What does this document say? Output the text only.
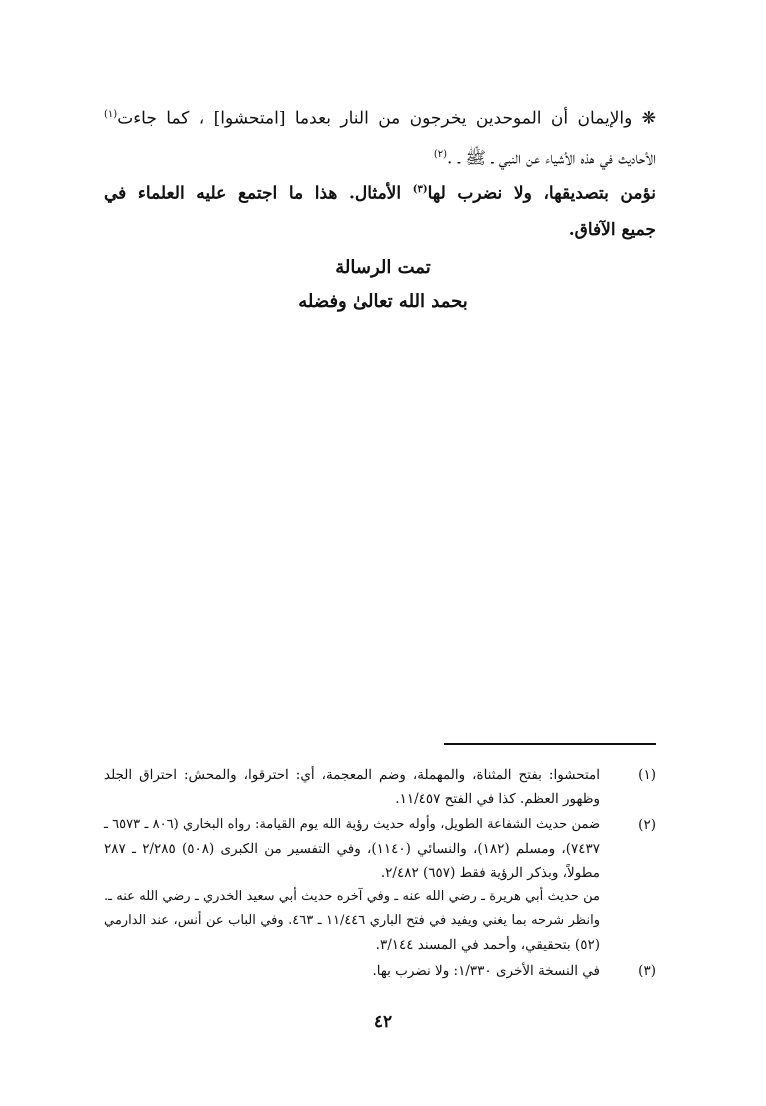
❋ والإيمان أن الموحدين يخرجون من النار بعدما [امتحشوا] ، كما جاءت$^{(١)}$
الأحاديث في هذه الأشياء عن النبي ـ ﷺ ـ .$^{(٢)}$
نؤمن بتصديقها، ولا نضرب لها$^{(٣)}$ الأمثال. هذا ما اجتمع عليه العلماء في
جميع الآفاق.
تمت الرسالة
بحمد الله تعالىٰ وفضله
(١)
امتحشوا: بفتح المثناة، والمهملة، وضم المعجمة، أي: احترقوا، والمحش: احتراق الجلد
وظهور العظم. كذا في الفتح ١١/٤٥٧.
(٢)
ضمن حديث الشفاعة الطويل، وأوله حديث رؤية الله يوم القيامة: رواه البخاري (٨٠٦ ـ ٦٥٧٣ ـ
٧٤٣٧)، ومسلم (١٨٢)، والنسائي (١١٤٠)، وفي التفسير من الكبرى (٥٠٨) ٢/٢٨٥ ـ ٢٨٧
مطولاً، وبذكر الرؤية فقط (٦٥٧) ٢/٤٨٢.
من حديث أبي هريرة ـ رضي الله عنه ـ وفي آخره حديث أبي سعيد الخدري ـ رضي الله عنه ـ.
وانظر شرحه بما يغني ويفيد في فتح الباري ١١/٤٤٦ ـ ٤٦٣. وفي الباب عن أنس، عند الدارمي
(٥٢) بتحقيقي، وأحمد في المسند ٣/١٤٤.
(٣)
في النسخة الأخرى ١/٣٣٠: ولا نضرب بها.
٤٢
